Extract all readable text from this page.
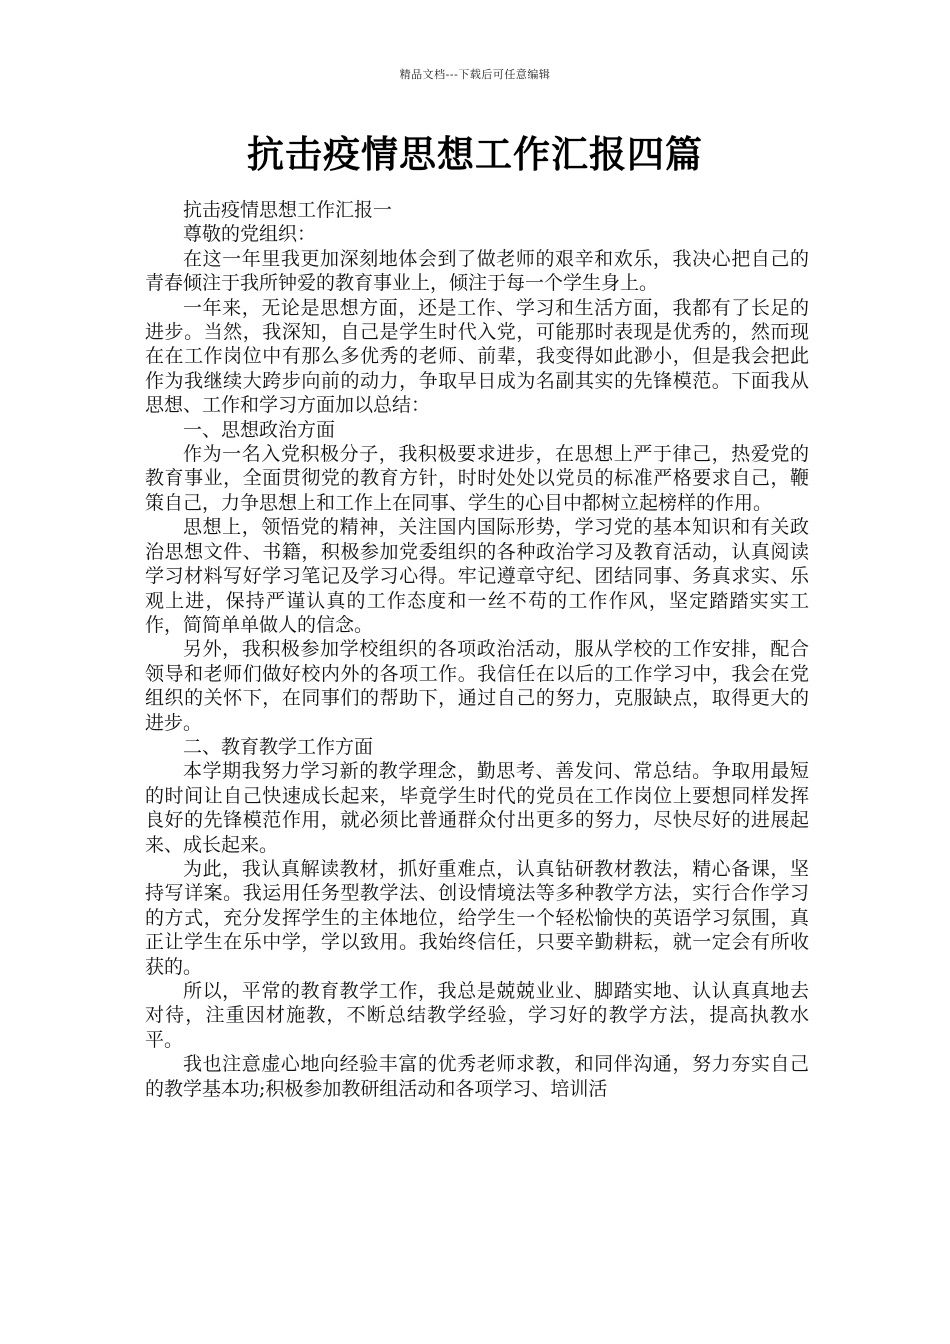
精品文档---下载后可任意编辑
抗击疫情思想工作汇报四篇

抗击疫情思想工作汇报一

尊敬的党组织：

在这一年里我更加深刻地体会到了做老师的艰辛和欢乐，我决心把自己的青春倾注于我所钟爱的教育事业上，倾注于每一个学生身上。

一年来，无论是思想方面，还是工作、学习和生活方面，我都有了长足的进步。当然，我深知，自己是学生时代入党，可能那时表现是优秀的，然而现在在工作岗位中有那么多优秀的老师、前辈，我变得如此渺小，但是我会把此作为我继续大跨步向前的动力，争取早日成为名副其实的先锋模范。下面我从思想、工作和学习方面加以总结：

一、思想政治方面

作为一名入党积极分子，我积极要求进步，在思想上严于律己，热爱党的教育事业，全面贯彻党的教育方针，时时处处以党员的标准严格要求自己，鞭策自己，力争思想上和工作上在同事、学生的心目中都树立起榜样的作用。

思想上，领悟党的精神，关注国内国际形势，学习党的基本知识和有关政治思想文件、书籍，积极参加党委组织的各种政治学习及教育活动，认真阅读学习材料写好学习笔记及学习心得。牢记遵章守纪、团结同事、务真求实、乐观上进，保持严谨认真的工作态度和一丝不苟的工作作风，坚定踏踏实实工作，简简单单做人的信念。

另外，我积极参加学校组织的各项政治活动，服从学校的工作安排，配合领导和老师们做好校内外的各项工作。我信任在以后的工作学习中，我会在党组织的关怀下，在同事们的帮助下，通过自己的努力，克服缺点，取得更大的进步。

二、教育教学工作方面

本学期我努力学习新的教学理念，勤思考、善发问、常总结。争取用最短的时间让自己快速成长起来，毕竟学生时代的党员在工作岗位上要想同样发挥良好的先锋模范作用，就必须比普通群众付出更多的努力，尽快尽好的进展起来、成长起来。

为此，我认真解读教材，抓好重难点，认真钻研教材教法，精心备课，坚持写详案。我运用任务型教学法、创设情境法等多种教学方法，实行合作学习的方式，充分发挥学生的主体地位，给学生一个轻松愉快的英语学习氛围，真正让学生在乐中学，学以致用。我始终信任，只要辛勤耕耘，就一定会有所收获的。

所以，平常的教育教学工作，我总是兢兢业业、脚踏实地、认认真真地去对待，注重因材施教，不断总结教学经验，学习好的教学方法，提高执教水平。

我也注意虚心地向经验丰富的优秀老师求教，和同伴沟通，努力夯实自己的教学基本功;积极参加教研组活动和各项学习、培训活
